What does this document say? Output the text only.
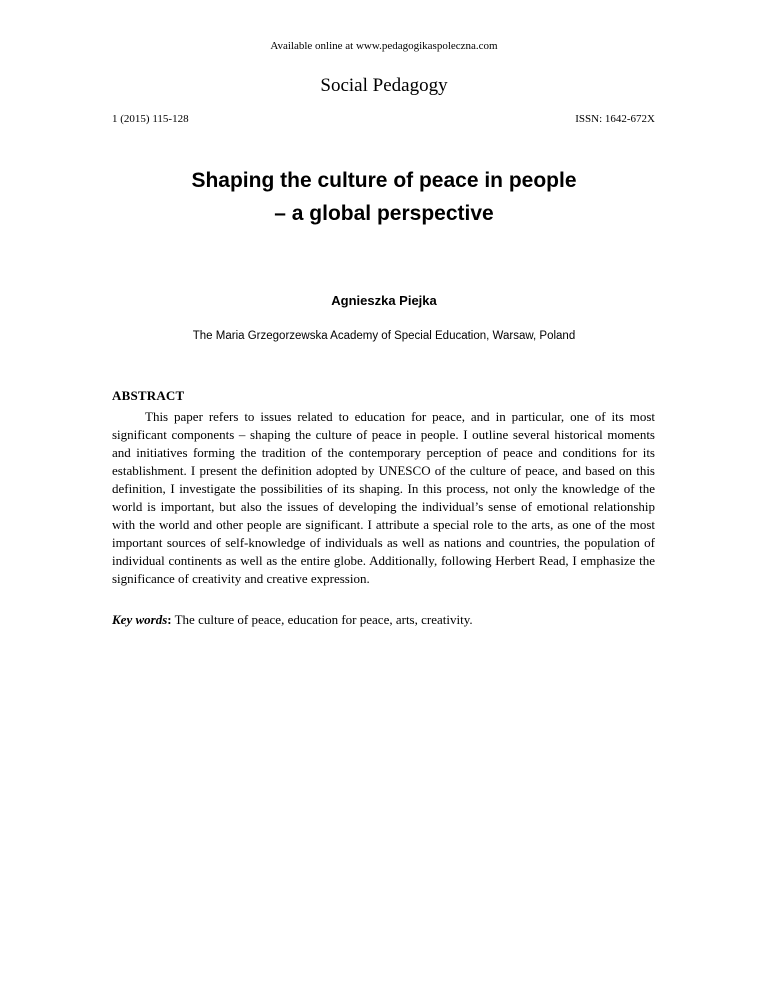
Available online at www.pedagogikaspoleczna.com
Social Pedagogy
1 (2015) 115-128	ISSN: 1642-672X
Shaping the culture of peace in people
– a global perspective
Agnieszka Piejka
The Maria Grzegorzewska Academy of Special Education, Warsaw, Poland
ABSTRACT

This paper refers to issues related to education for peace, and in particular, one of its most significant components – shaping the culture of peace in people. I outline several historical moments and initiatives forming the tradition of the contemporary perception of peace and conditions for its establishment. I present the definition adopted by UNESCO of the culture of peace, and based on this definition, I investigate the possibilities of its shaping. In this process, not only the knowledge of the world is important, but also the issues of developing the individual’s sense of emotional relationship with the world and other people are significant. I attribute a special role to the arts, as one of the most important sources of self-knowledge of individuals as well as nations and countries, the population of individual continents as well as the entire globe. Additionally, following Herbert Read, I emphasize the significance of creativity and creative expression.

Key words: The culture of peace, education for peace, arts, creativity.
